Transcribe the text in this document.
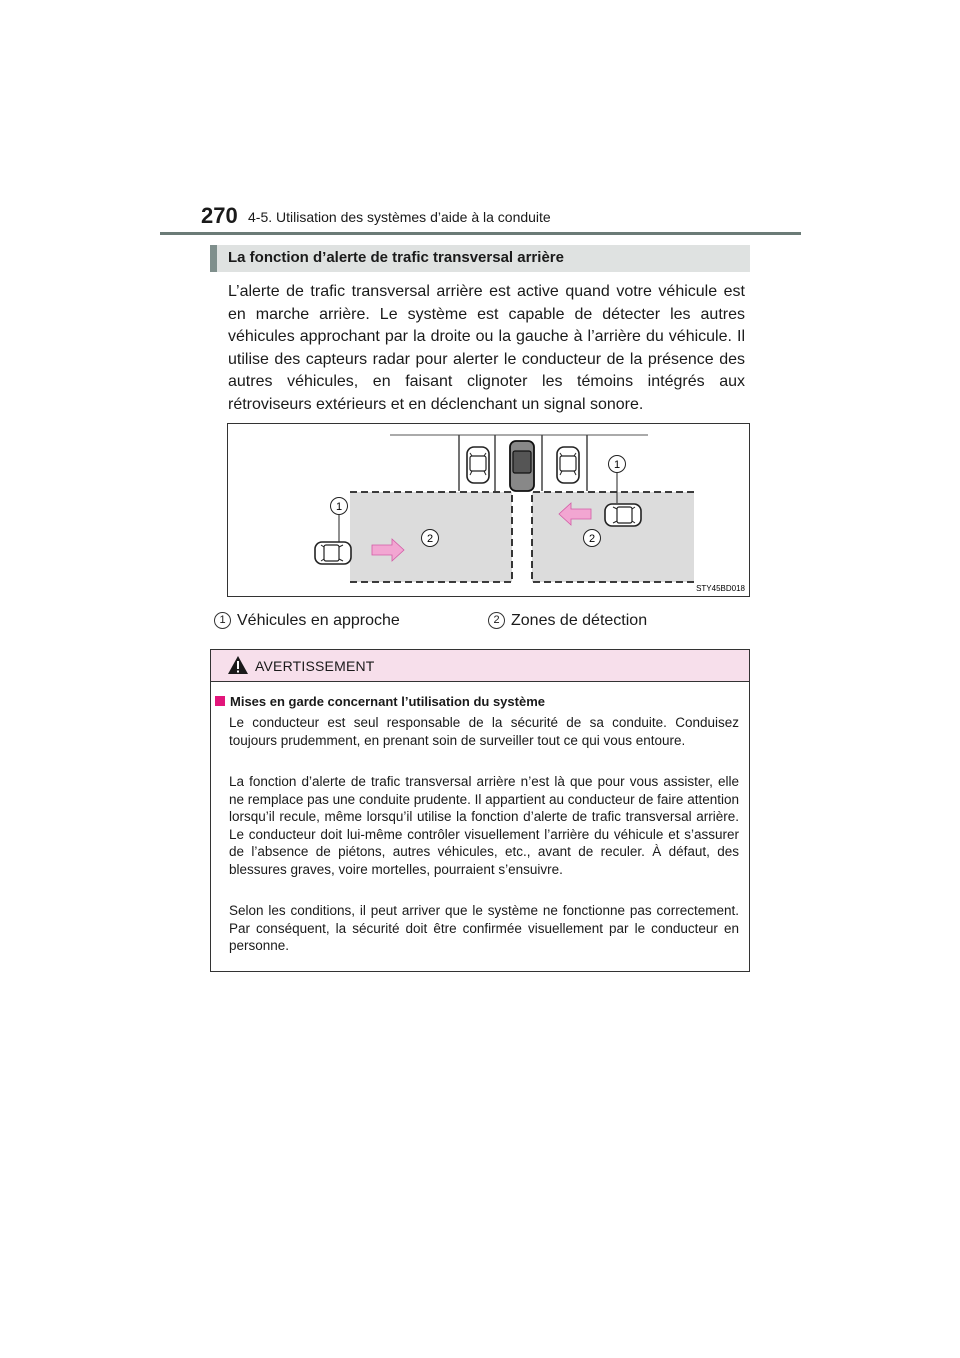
270 4-5. Utilisation des systèmes d’aide à la conduite
La fonction d’alerte de trafic transversal arrière
L’alerte de trafic transversal arrière est active quand votre véhicule est en marche arrière. Le système est capable de détecter les autres véhicules approchant par la droite ou la gauche à l’arrière du véhicule. Il utilise des capteurs radar pour alerter le conducteur de la présence des autres véhicules, en faisant clignoter les témoins intégrés aux rétroviseurs extérieurs et en déclenchant un signal sonore.
1
1
2	2
STY45BD018
1 Véhicules en approche	2 Zones de détection
AVERTISSEMENT
Mises en garde concernant l’utilisation du système
Le conducteur est seul responsable de la sécurité de sa conduite. Conduisez toujours prudemment, en prenant soin de surveiller tout ce qui vous entoure.
La fonction d’alerte de trafic transversal arrière n’est là que pour vous assister, elle ne remplace pas une conduite prudente. Il appartient au conducteur de faire attention lorsqu’il recule, même lorsqu’il utilise la fonction d’alerte de trafic transversal arrière. Le conducteur doit lui-même contrôler visuellement l’arrière du véhicule et s’assurer de l’absence de piétons, autres véhicules, etc., avant de reculer. À défaut, des blessures graves, voire mortelles, pourraient s’ensuivre.
Selon les conditions, il peut arriver que le système ne fonctionne pas correctement. Par conséquent, la sécurité doit être confirmée visuellement par le conducteur en personne.
